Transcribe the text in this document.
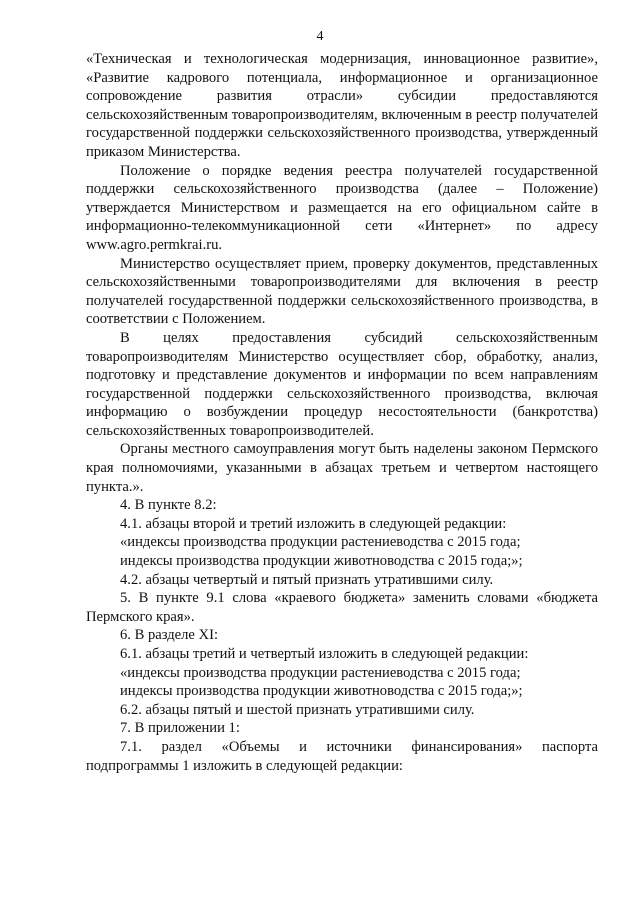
4

«Техническая и технологическая модернизация, инновационное развитие», «Развитие кадрового потенциала, информационное и организационное сопровождение развития отрасли» субсидии предоставляются сельскохозяйственным товаропроизводителям, включенным в реестр получателей государственной поддержки сельскохозяйственного производства, утвержденный приказом Министерства.

Положение о порядке ведения реестра получателей государственной поддержки сельскохозяйственного производства (далее – Положение) утверждается Министерством и размещается на его официальном сайте в информационно-телекоммуникационной сети «Интернет» по адресу www.agro.permkrai.ru.

Министерство осуществляет прием, проверку документов, представленных сельскохозяйственными товаропроизводителями для включения в реестр получателей государственной поддержки сельскохозяйственного производства, в соответствии с Положением.

В целях предоставления субсидий сельскохозяйственным товаропроизводителям Министерство осуществляет сбор, обработку, анализ, подготовку и представление документов и информации по всем направлениям государственной поддержки сельскохозяйственного производства, включая информацию о возбуждении процедур несостоятельности (банкротства) сельскохозяйственных товаропроизводителей.

Органы местного самоуправления могут быть наделены законом Пермского края полномочиями, указанными в абзацах третьем и четвертом настоящего пункта.».

4. В пункте 8.2:

4.1. абзацы второй и третий изложить в следующей редакции:

«индексы производства продукции растениеводства с 2015 года;

индексы производства продукции животноводства с 2015 года;»;

4.2. абзацы четвертый и пятый признать утратившими силу.

5. В пункте 9.1 слова «краевого бюджета» заменить словами «бюджета Пермского края».

6. В разделе XI:

6.1. абзацы третий и четвертый изложить в следующей редакции:

«индексы производства продукции растениеводства с 2015 года;

индексы производства продукции животноводства с 2015 года;»;

6.2. абзацы пятый и шестой признать утратившими силу.

7. В приложении 1:

7.1. раздел «Объемы и источники финансирования» паспорта подпрограммы 1 изложить в следующей редакции:
